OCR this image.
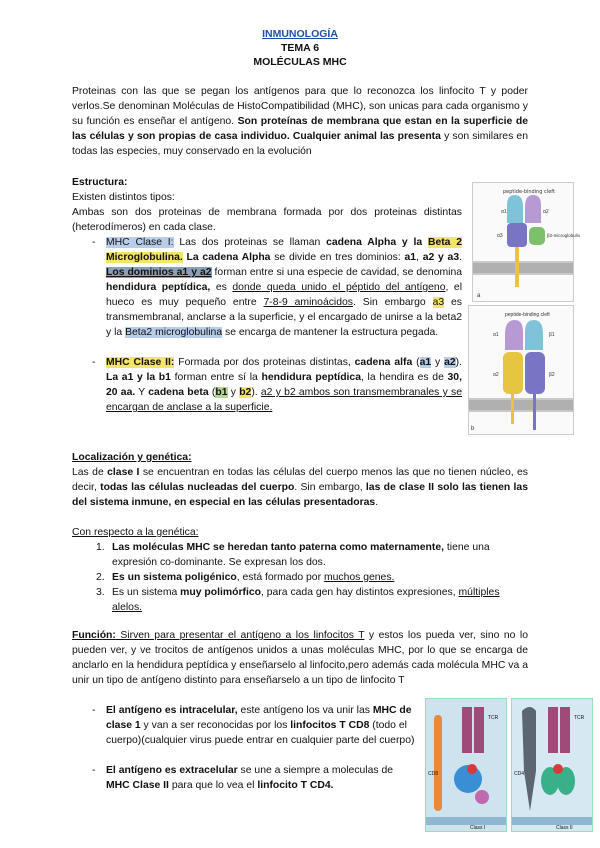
INMUNOLOGÍA
TEMA 6
MOLÉCULAS MHC
Proteinas con las que se pegan los antígenos para que lo reconozca los linfocito T y poder verlos.Se denominan Moléculas de HistoCompatibilidad (MHC), son unicas para cada organismo y su función es enseñar el antígeno. Son proteínas de membrana que estan en la superficie de las células y son propias de casa individuo. Cualquier animal las presenta y son similares en todas las especies, muy conservado en la evolución
Estructura:
Existen distintos tipos:
Ambas son dos proteinas de membrana formada por dos proteinas distintas (heterodímeros) en cada clase.
- MHC Clase I: Las dos proteinas se llaman cadena Alpha y la Beta 2 Microglobulina. La cadena Alpha se divide en tres dominios: a1, a2 y a3. Los dominios a1 y a2 forman entre si una especie de cavidad, se denomina hendidura peptídica, es donde queda unido el péptido del antígeno, el hueco es muy pequeño entre 7-8-9 aminoácidos. Sin embargo a3 es transmembranal, anclarse a la superficie, y el encargado de unirse a la beta2 y la Beta2 microglobulina se encarga de mantener la estructura pegada.
- MHC Clase II: Formada por dos proteinas distintas, cadena alfa (a1 y a2). La a1 y la b1 forman entre sí la hendidura peptídica, la hendira es de 30, 20 aa. Y cadena beta (b1 y b2). a2 y b2 ambos son transmembranales y se encargan de anclase a la superficie.
peptide-binding cleft
α1	α2
α3	β2-microglobulin
a
peptide-binding cleft
α1	β1
α2	β2
b
Localización y genética:
Las de clase I se encuentran en todas las células del cuerpo menos las que no tienen núcleo, es decir, todas las células nucleadas del cuerpo. Sin embargo, las de clase II solo las tienen las del sistema inmune, en especial en las células presentadoras.
Con respecto a la genética:
1. Las moléculas MHC se heredan tanto paterna como maternamente, tiene una expresión co-dominante. Se expresan los dos.
2. Es un sistema poligénico, está formado por muchos genes.
3. Es un sistema muy polimórfico, para cada gen hay distintos expresiones, múltiples alelos.
Función: Sirven para presentar el antígeno a los linfocitos T y estos los pueda ver, sino no lo pueden ver, y ve trocitos de antígenos unidos a unas moléculas MHC, por lo que se encarga de anclarlo en la hendidura peptídica y enseñarselo al linfocito,pero además cada molécula MHC va a unir un tipo de antígeno distinto para enseñarselo a un tipo de linfocito T
- El antígeno es intracelular, este antígeno los va unir las MHC de clase 1 y van a ser reconocidas por los linfocitos T CD8 (todo el cuerpo)(cualquier virus puede entrar en cualquier parte del cuerpo)
- El antígeno es extracelular se une a siempre a moleculas de MHC Clase II para que lo vea el linfocito T CD4.
CD8
TCR
Class I
CD4
TCR
Class II
